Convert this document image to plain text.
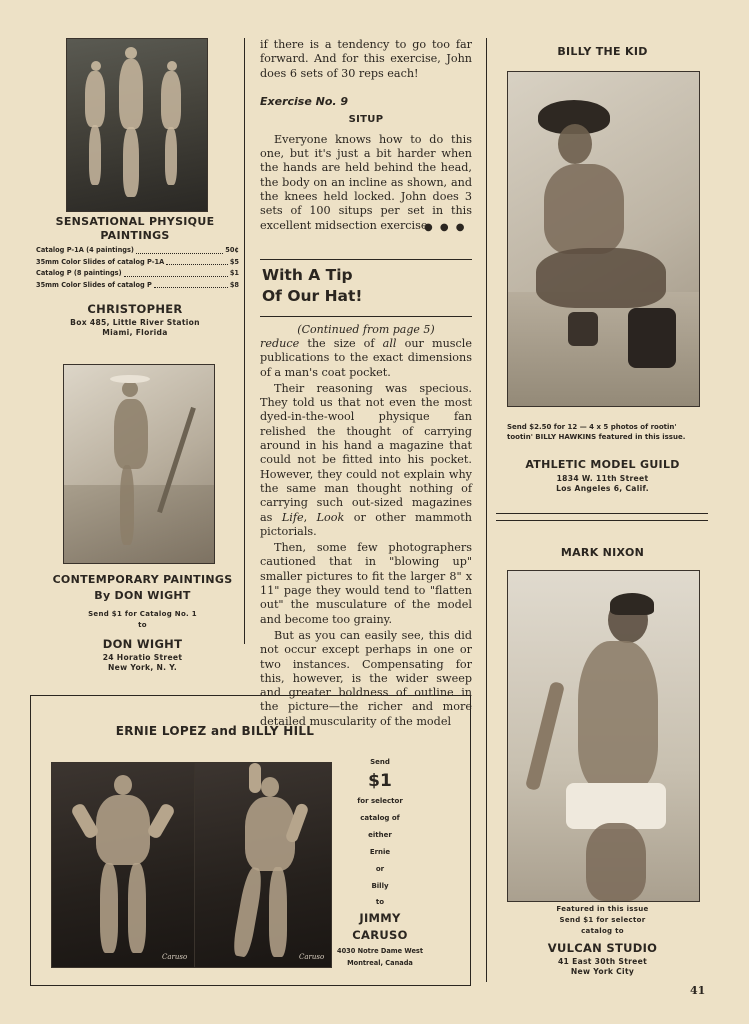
SENSATIONAL PHYSIQUE PAINTINGS
Catalog P-1A (4 paintings)	50¢
35mm Color Slides of catalog P-1A	$5
Catalog P (8 paintings)	$1
35mm Color Slides of catalog P	$8
CHRISTOPHER
Box 485, Little River Station
Miami, Florida
CONTEMPORARY PAINTINGS
By DON WIGHT
Send $1 for Catalog No. 1
to
DON WIGHT
24 Horatio Street
New York, N. Y.

if there is a tendency to go too far forward. And for this exercise, John does 6 sets of 30 reps each!

Exercise No. 9
SITUP

Everyone knows how to do this one, but it's just a bit harder when the hands are held behind the head, the body on an incline as shown, and the knees held locked. John does 3 sets of 100 situps per set in this excellent midsection exercise.

● ● ●
With A Tip
Of Our Hat!
(Continued from page 5)

reduce the size of all our muscle publications to the exact dimensions of a man's coat pocket.

Their reasoning was specious. They told us that not even the most dyed-in-the-wool physique fan relished the thought of carrying around in his hand a magazine that could not be fitted into his pocket. However, they could not explain why the same man thought nothing of carrying such out-sized magazines as Life, Look or other mammoth pictorials.

Then, some few photographers cautioned that in "blowing up" smaller pictures to fit the larger 8" x 11" page they would tend to "flatten out" the musculature of the model and become too grainy.

But as you can easily see, this did not occur except perhaps in one or two instances. Compensating for this, however, is the wider sweep and greater boldness of outline in the picture—the richer and more detailed muscularity of the model

BILLY THE KID
Send $2.50 for 12 — 4 x 5 photos of rootin' tootin' BILLY HAWKINS featured in this issue.
ATHLETIC MODEL GUILD
1834 W. 11th Street
Los Angeles 6, Calif.
MARK NIXON
Featured in this issue
Send $1 for selector
catalog to
VULCAN STUDIO
41 East 30th Street
New York City
ERNIE LOPEZ and BILLY HILL
Caruso	Caruso
Send
$1
for selector
catalog of
either
Ernie
or
Billy
to
JIMMY
CARUSO
4030 Notre Dame West
Montreal, Canada
41
